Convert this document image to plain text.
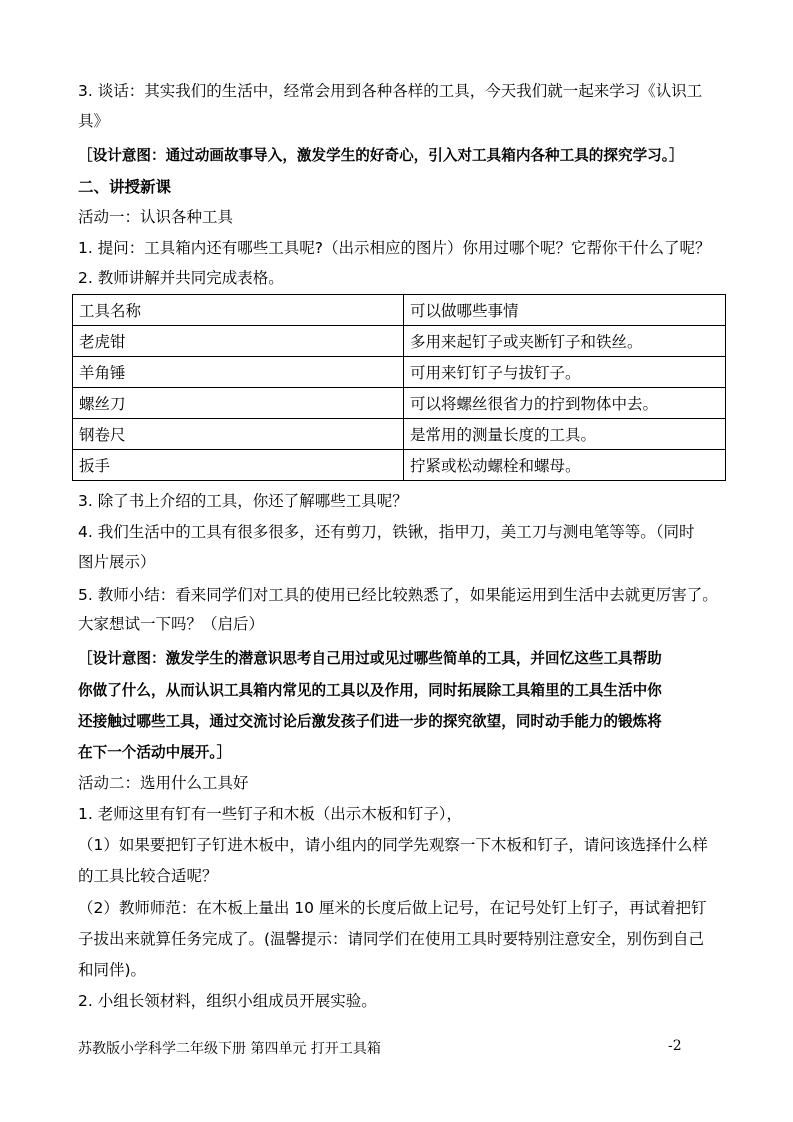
3. 谈话：其实我们的生活中，经常会用到各种各样的工具，今天我们就一起来学习《认识工
具》
［设计意图：通过动画故事导入，激发学生的好奇心，引入对工具箱内各种工具的探究学习。］
二、讲授新课
活动一：认识各种工具
1. 提问：工具箱内还有哪些工具呢?（出示相应的图片）你用过哪个呢？它帮你干什么了呢？
2. 教师讲解并共同完成表格。
工具名称	可以做哪些事情
老虎钳	多用来起钉子或夹断钉子和铁丝。
羊角锤	可用来钉钉子与拔钉子。
螺丝刀	可以将螺丝很省力的拧到物体中去。
钢卷尺	是常用的测量长度的工具。
扳手	拧紧或松动螺栓和螺母。
3. 除了书上介绍的工具，你还了解哪些工具呢？
4. 我们生活中的工具有很多很多，还有剪刀，铁锹，指甲刀，美工刀与测电笔等等。（同时
图片展示）
5. 教师小结：看来同学们对工具的使用已经比较熟悉了，如果能运用到生活中去就更厉害了。
大家想试一下吗？（启后）
［设计意图：激发学生的潜意识思考自己用过或见过哪些简单的工具，并回忆这些工具帮助
你做了什么，从而认识工具箱内常见的工具以及作用，同时拓展除工具箱里的工具生活中你
还接触过哪些工具，通过交流讨论后激发孩子们进一步的探究欲望，同时动手能力的锻炼将
在下一个活动中展开。］
活动二：选用什么工具好
1. 老师这里有钉有一些钉子和木板（出示木板和钉子），
（1）如果要把钉子钉进木板中，请小组内的同学先观察一下木板和钉子，请问该选择什么样
的工具比较合适呢？
（2）教师师范：在木板上量出 10 厘米的长度后做上记号，在记号处钉上钉子，再试着把钉
子拔出来就算任务完成了。(温馨提示：请同学们在使用工具时要特别注意安全，别伤到自己
和同伴)。
2. 小组长领材料，组织小组成员开展实验。
苏教版小学科学二年级下册 第四单元 打开工具箱	-2
